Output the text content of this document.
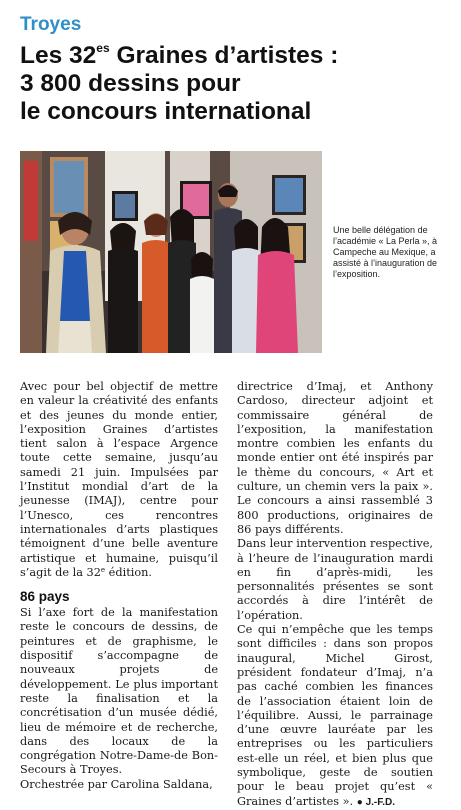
Troyes
Les $32^{es}$ Graines d’artistes :
3 800 dessins pour
le concours international
Une belle délégation de l’académie « La Perla », à Campeche au Mexique, a assisté à l’inauguration de l’exposition.

Avec pour bel objectif de mettre en valeur la créativité des enfants et des jeunes du monde entier, l’exposition Graines d’artistes tient salon à l’espace Argence toute cette semaine, jusqu’au samedi 21 juin. Impulsées par l’Institut mondial d’art de la jeunesse (IMAJ), centre pour l’Unesco, ces rencontres internationales d’arts plastiques témoignent d’une belle aventure artistique et humaine, puisqu’il s’agit de la 32e édition.

86 pays

Si l’axe fort de la manifestation reste le concours de dessins, de peintures et de graphisme, le dispositif s’accompagne de nouveaux projets de développement. Le plus important reste la finalisation et la concrétisation d’un musée dédié, lieu de mémoire et de recherche, dans des locaux de la congrégation Notre-Dame-de Bon-Secours à Troyes.

Orchestrée par Carolina Saldana,

directrice d’Imaj, et Anthony Cardoso, directeur adjoint et commissaire général de l’exposition, la manifestation montre combien les enfants du monde entier ont été inspirés par le thème du concours, « Art et culture, un chemin vers la paix ». Le concours a ainsi rassemblé 3 800 productions, originaires de 86 pays différents.

Dans leur intervention respective, à l’heure de l’inauguration mardi en fin d’après-midi, les personnalités présentes se sont accordés à dire l’intérêt de l’opération.

Ce qui n’empêche que les temps sont difficiles : dans son propos inaugural, Michel Girost, président fondateur d’Imaj, n’a pas caché combien les finances de l’association étaient loin de l’équilibre. Aussi, le parrainage d’une œuvre lauréate par les entreprises ou les particuliers est-elle un réel, et bien plus que symbolique, geste de soutien pour le beau projet qu’est « Graines d’artistes ». ● J.-F.D.
